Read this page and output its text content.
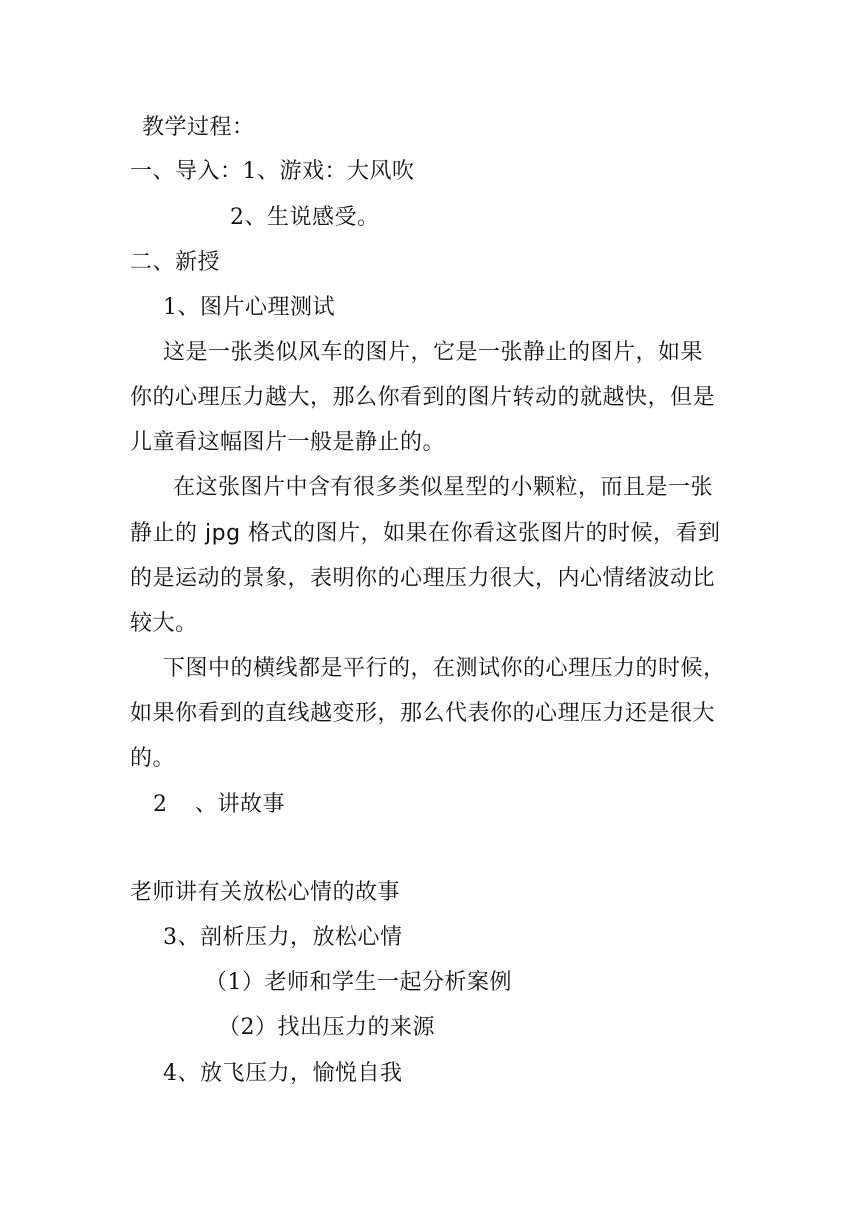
教学过程：
一、导入：1、游戏：大风吹
2、生说感受。
二、新授
1、图片心理测试
这是一张类似风车的图片，它是一张静止的图片，如果
你的心理压力越大，那么你看到的图片转动的就越快，但是
儿童看这幅图片一般是静止的。
在这张图片中含有很多类似星型的小颗粒，而且是一张
静止的 jpg 格式的图片，如果在你看这张图片的时候，看到
的是运动的景象，表明你的心理压力很大，内心情绪波动比
较大。
下图中的横线都是平行的，在测试你的心理压力的时候，
如果你看到的直线越变形，那么代表你的心理压力还是很大
的。
2 、讲故事
老师讲有关放松心情的故事
3、剖析压力，放松心情
（1）老师和学生一起分析案例
（2）找出压力的来源
4、放飞压力，愉悦自我
